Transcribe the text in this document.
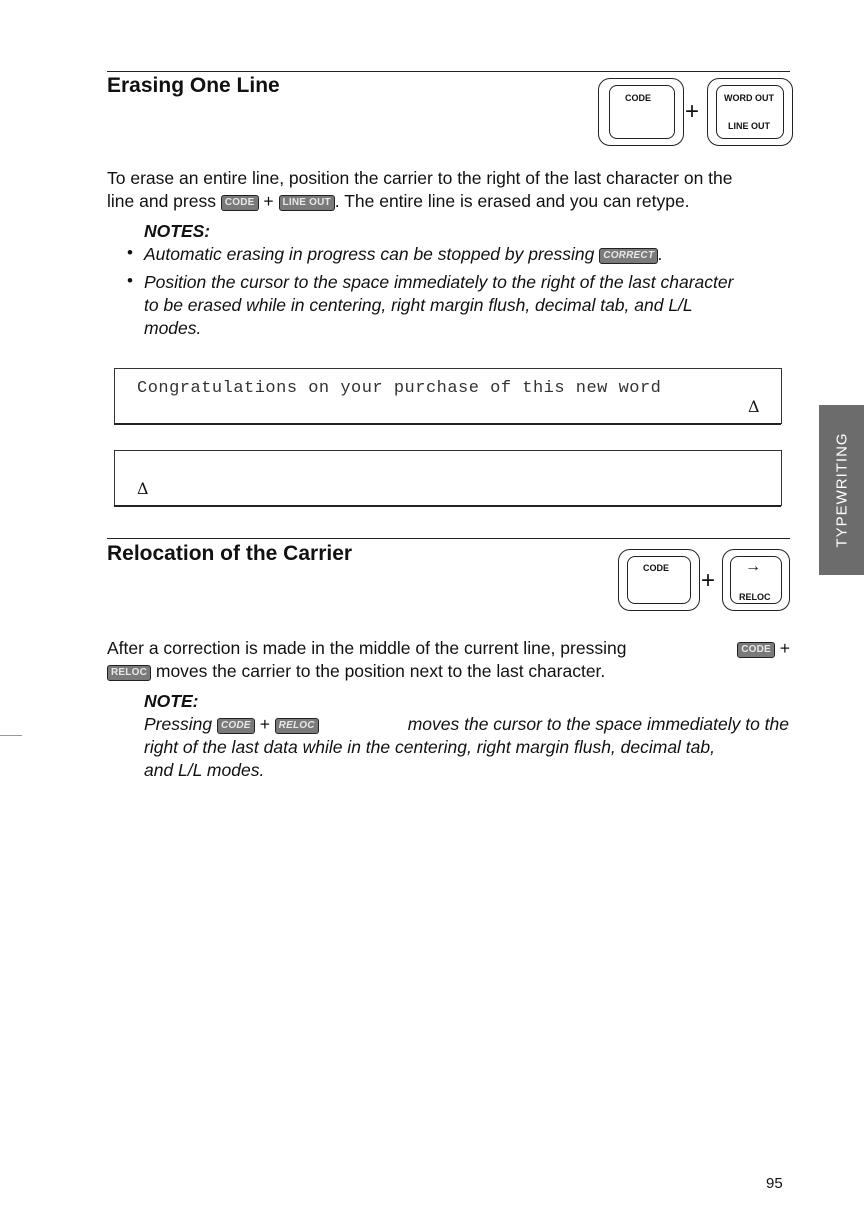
Erasing One Line
CODE +	WORD OUT
LINE OUT
To erase an entire line, position the carrier to the right of the last character on the
line and press CODE + LINE OUT . The entire line is erased and you can retype.
NOTES:
• Automatic erasing in progress can be stopped by pressing CORRECT .
• Position the cursor to the space immediately to the right of the last character
to be erased while in centering, right margin flush, decimal tab, and L/L
modes.
Congratulations on your purchase of this new word
Δ
Δ
Relocation of the Carrier
CODE +
→
RELOC
After a correction is made in the middle of the current line, pressing	CODE +
RELOC moves the carrier to the position next to the last character.
NOTE:
Pressing CODE + RELOC	moves the cursor to the space immediately to the
right of the last data while in the centering, right margin flush, decimal tab,
and L/L modes.
TYPEWRITING
95
